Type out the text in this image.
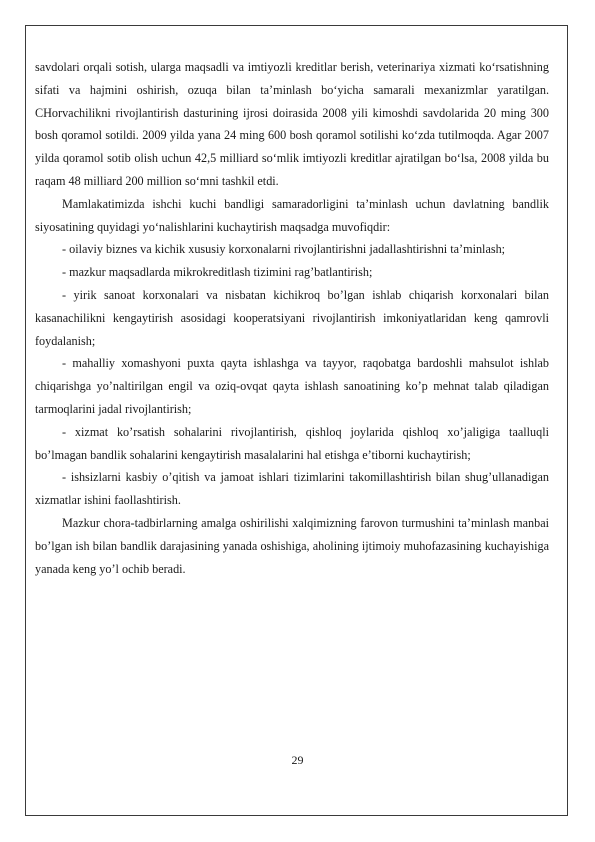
savdolari orqali sotish, ularga maqsadli va imtiyozli kreditlar berish, veterinariya xizmati ko‘rsatishning sifati va hajmini oshirish, ozuqa bilan ta’minlash bo‘yicha samarali mexanizmlar yaratilgan. CHorvachilikni rivojlantirish dasturining ijrosi doirasida 2008 yili kimoshdi savdolarida 20 ming 300 bosh qoramol sotildi. 2009 yilda yana 24 ming 600 bosh qoramol sotilishi ko‘zda tutilmoqda. Agar 2007 yilda qoramol sotib olish uchun 42,5 milliard so‘mlik imtiyozli kreditlar ajratilgan bo‘lsa, 2008 yilda bu raqam 48 milliard 200 million so‘mni tashkil etdi.

Mamlakatimizda ishchi kuchi bandligi samaradorligini ta’minlash uchun davlatning bandlik siyosatining quyidagi yo‘nalishlarini kuchaytirish maqsadga muvofiqdir:

- oilaviy biznes va kichik xususiy korxonalarni rivojlantirishni jadallashtirishni ta’minlash;

- mazkur maqsadlarda mikrokreditlash tizimini rag’batlantirish;

- yirik sanoat korxonalari va nisbatan kichikroq bo’lgan ishlab chiqarish korxonalari bilan kasanachilikni kengaytirish asosidagi kooperatsiyani rivojlantirish imkoniyatlaridan keng qamrovli foydalanish;

- mahalliy xomashyoni puxta qayta ishlashga va tayyor, raqobatga bardoshli mahsulot ishlab chiqarishga yo’naltirilgan engil va oziq-ovqat qayta ishlash sanoatining ko’p mehnat talab qiladigan tarmoqlarini jadal rivojlantirish;

- xizmat ko’rsatish sohalarini rivojlantirish, qishloq joylarida qishloq xo’jaligiga taalluqli bo’lmagan bandlik sohalarini kengaytirish masalalarini hal etishga e’tiborni kuchaytirish;

- ishsizlarni kasbiy o’qitish va jamoat ishlari tizimlarini takomillashtirish bilan shug’ullanadigan xizmatlar ishini faollashtirish.

Mazkur chora-tadbirlarning amalga oshirilishi xalqimizning farovon turmushini ta’minlash manbai bo’lgan ish bilan bandlik darajasining yanada oshishiga, aholining ijtimoiy muhofazasining kuchayishiga yanada keng yo’l ochib beradi.

29
